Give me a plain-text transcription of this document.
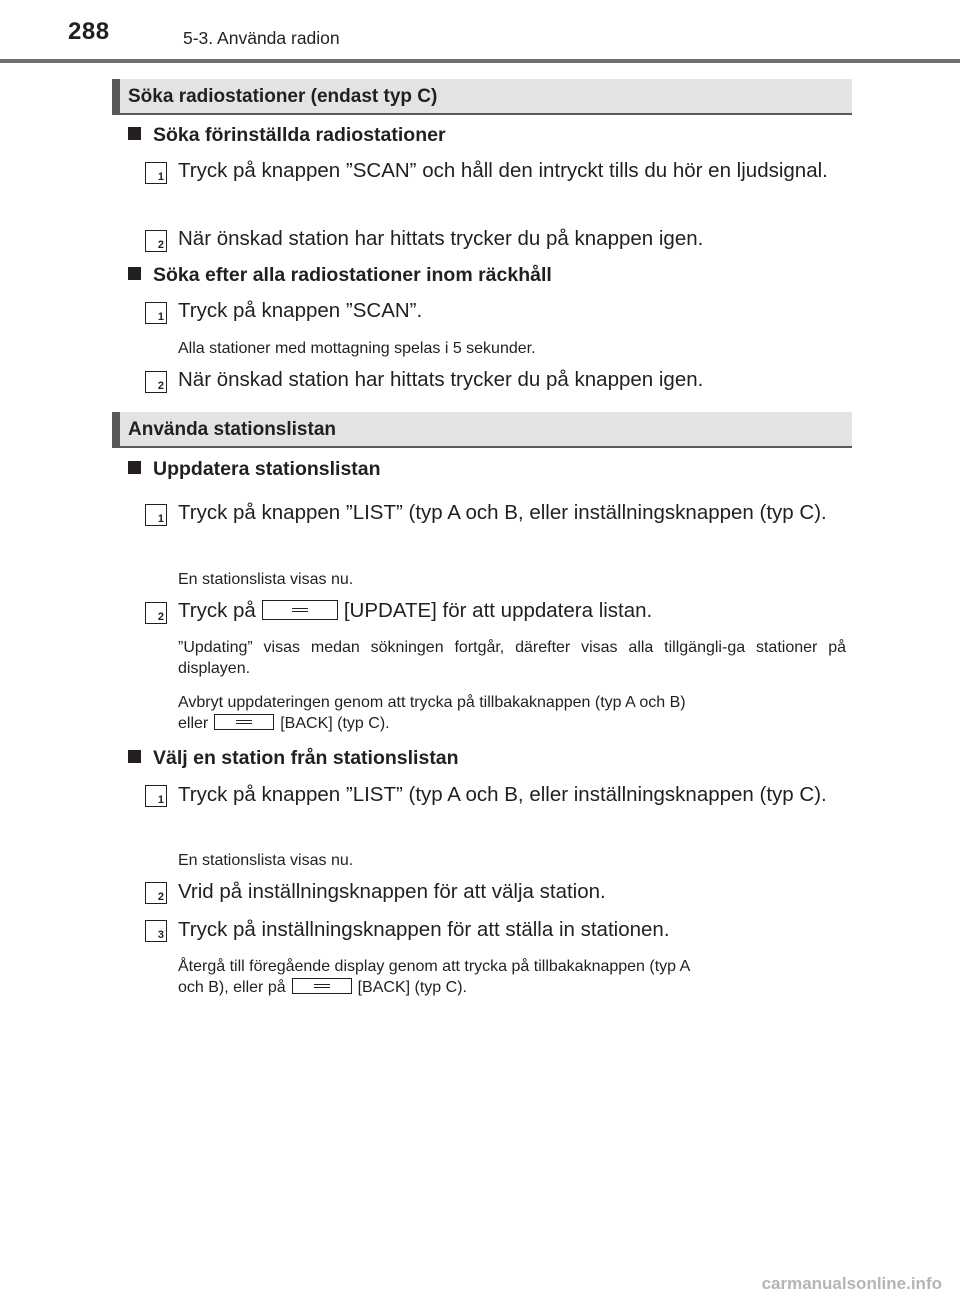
288	5-3. Använda radion
Söka radiostationer (endast typ C)
Söka förinställda radiostationer
1 Tryck på knappen ”SCAN” och håll den intryckt tills du hör en ljudsignal.
2 När önskad station har hittats trycker du på knappen igen.
Söka efter alla radiostationer inom räckhåll
1 Tryck på knappen ”SCAN”.
Alla stationer med mottagning spelas i 5 sekunder.
2 När önskad station har hittats trycker du på knappen igen.
Använda stationslistan
Uppdatera stationslistan
1 Tryck på knappen ”LIST” (typ A och B, eller inställningsknappen (typ C).
En stationslista visas nu.
2 Tryck på	[UPDATE] för att uppdatera listan.
”Updating” visas medan sökningen fortgår, därefter visas alla tillgängli-ga stationer på displayen.
Avbryt uppdateringen genom att trycka på tillbakaknappen (typ A och B)
eller	[BACK] (typ C).
Välj en station från stationslistan
1 Tryck på knappen ”LIST” (typ A och B, eller inställningsknappen (typ C).
En stationslista visas nu.
2 Vrid på inställningsknappen för att välja station.
3 Tryck på inställningsknappen för att ställa in stationen.
Återgå till föregående display genom att trycka på tillbakaknappen (typ A
och B), eller på	[BACK] (typ C).
carmanualsonline.info
